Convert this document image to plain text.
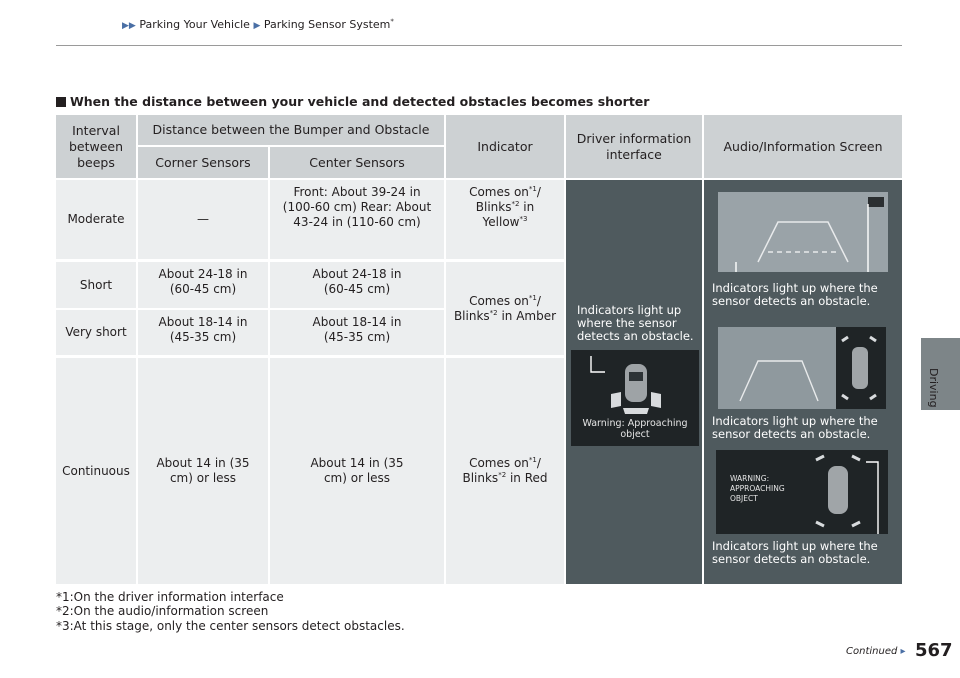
▶▶ Parking Your Vehicle ▶ Parking Sensor System*
When the distance between your vehicle and detected obstacles becomes shorter
Interval between beeps
Distance between the Bumper and Obstacle
Corner Sensors	Center Sensors
Indicator
Driver information interface
Audio/Information Screen
Moderate	—
Front: About 39-24 in (100-60 cm) Rear: About 43-24 in (110-60 cm)
Comes $on^{*1}/$ Blinks$^{*2}$ in Yellow$^{*3}$
Short
About 24-18 in (60-45 cm)
About 24-18 in (60-45 cm)
Very short
About 18-14 in (45-35 cm)
About 18-14 in (45-35 cm)
Comes $on^{*1}/$ Blinks$^{*2}$ in Amber
Continuous
About 14 in (35 cm) or less
About 14 in (35 cm) or less
Comes $on^{*1}/$ Blinks$^{*2}$ in Red
Indicators light up where the sensor detects an obstacle.
Warning: Approaching object
Indicators light up where the sensor detects an obstacle.
Indicators light up where the sensor detects an obstacle.
WARNING: APPROACHING OBJECT
Indicators light up where the sensor detects an obstacle.
*1:On the driver information interface
*2:On the audio/information screen
*3:At this stage, only the center sensors detect obstacles.
Driving
Continued ▸ 567
